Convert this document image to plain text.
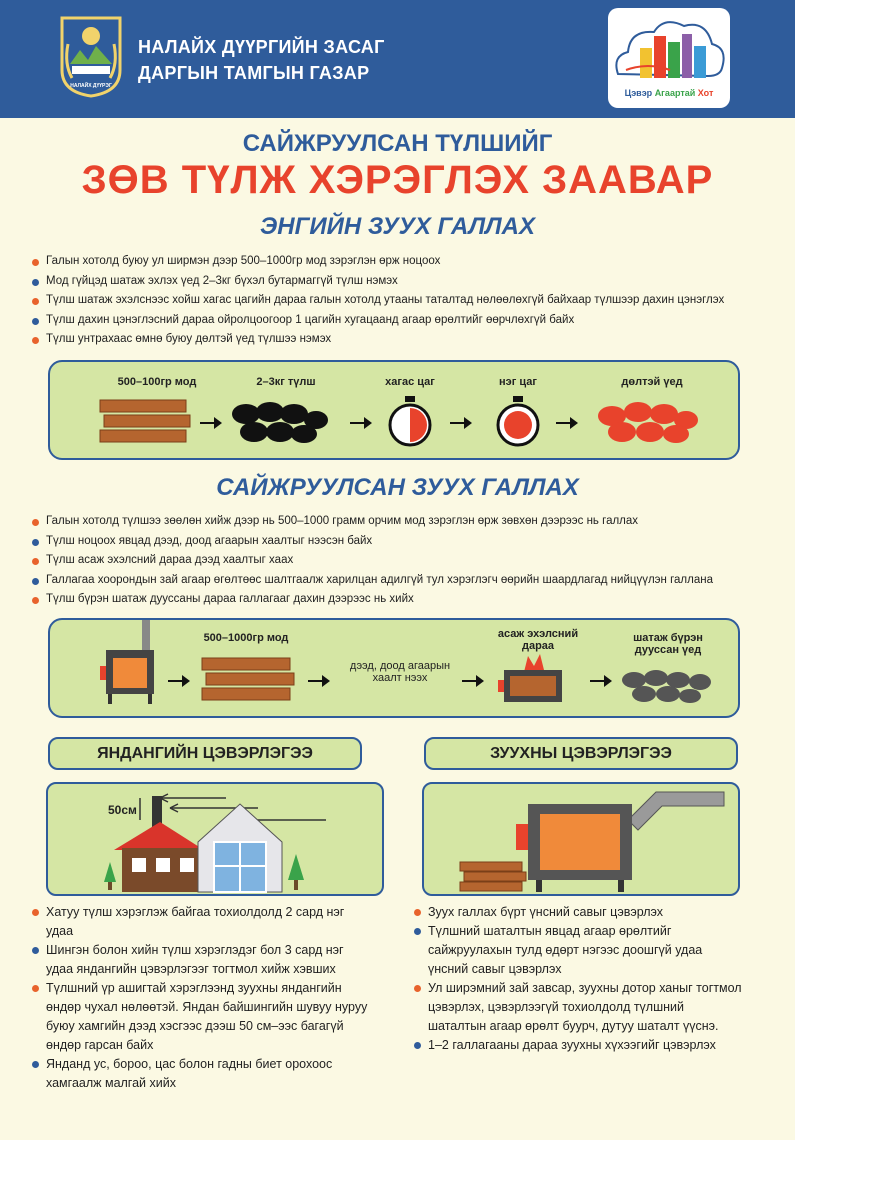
НАЛАЙХ ДҮҮРЭГ
НАЛАЙХ ДҮҮРГИЙН ЗАСАГ
ДАРГЫН ТАМГЫН ГАЗАР
Цэвэр Агаартай Хот
САЙЖРУУЛСАН ТҮЛШИЙГ
ЗӨВ ТҮЛЖ ХЭРЭГЛЭХ ЗААВАР
ЭНГИЙН ЗУУХ ГАЛЛАХ
Галын хотолд буюу ул ширмэн дээр 500–1000гр мод зэрэглэн өрж ноцоох
Мод гүйцэд шатаж эхлэх үед 2–3кг бүхэл бутармаггүй түлш нэмэх
Түлш шатаж эхэлснээс хойш хагас цагийн дараа галын хотолд утааны таталтад нөлөөлөхгүй байхаар түлшээр дахин цэнэглэх
Түлш дахин цэнэглэсний дараа ойролцоогоор 1 цагийн хугацаанд агаар өрөлтийг өөрчлөхгүй байх
Түлш унтрахаас өмнө буюу дөлтэй үед түлшээ нэмэх
500–100гр мод	2–3кг түлш	хагас цаг	нэг цаг	дөлтэй үед
САЙЖРУУЛСАН ЗУУХ ГАЛЛАХ
Галын хотолд түлшээ зөөлөн хийж дээр нь 500–1000 грамм орчим мод зэрэглэн өрж зөвхөн дээрээс нь галлах
Түлш ноцоох явцад дээд, доод агаарын хаалтыг нээсэн байх
Түлш асаж эхэлсний дараа дээд хаалтыг хаах
Галлагаа хоорондын зай агаар өгөлтөөс шалтгаалж харилцан адилгүй тул хэрэглэгч өөрийн шаардлагад нийцүүлэн галлана
Түлш бүрэн шатаж дууссаны дараа галлагааг дахин дээрээс нь хийх
500–1000гр мод
дээд, доод агаарын хаалт нээх
асаж эхэлсний дараа
шатаж бүрэн дууссан үед
ЯНДАНГИЙН ЦЭВЭРЛЭГЭЭ
50см
Хатуу түлш хэрэглэж байгаа тохиолдолд 2 сард нэг удаа
Шингэн болон хийн түлш хэрэглэдэг бол 3 сард нэг удаа яндангийн цэвэрлэгээг тогтмол хийж хэвших
Түлшний үр ашигтай хэрэглээнд зуухны яндангийн өндөр чухал нөлөөтэй. Яндан байшингийн шувуу нуруу буюу хамгийн дээд хэсгээс дээш 50 см–ээс багагүй өндөр гарсан байх
Янданд ус, бороо, цас болон гадны биет орохоос хамгаалж малгай хийх
ЗУУХНЫ ЦЭВЭРЛЭГЭЭ
Зуух галлах бүрт үнсний савыг цэвэрлэх
Түлшний шаталтын явцад агаар өрөлтийг сайжруулахын тулд өдөрт нэгээс доошгүй удаа үнсний савыг цэвэрлэх
Ул ширэмний зай завсар, зуухны дотор ханыг тогтмол цэвэрлэх, цэвэрлээгүй тохиолдолд түлшний шаталтын агаар өрөлт буурч, дутуу шаталт үүснэ.
1–2 галлагааны дараа зуухны хүхээгийг цэвэрлэх
